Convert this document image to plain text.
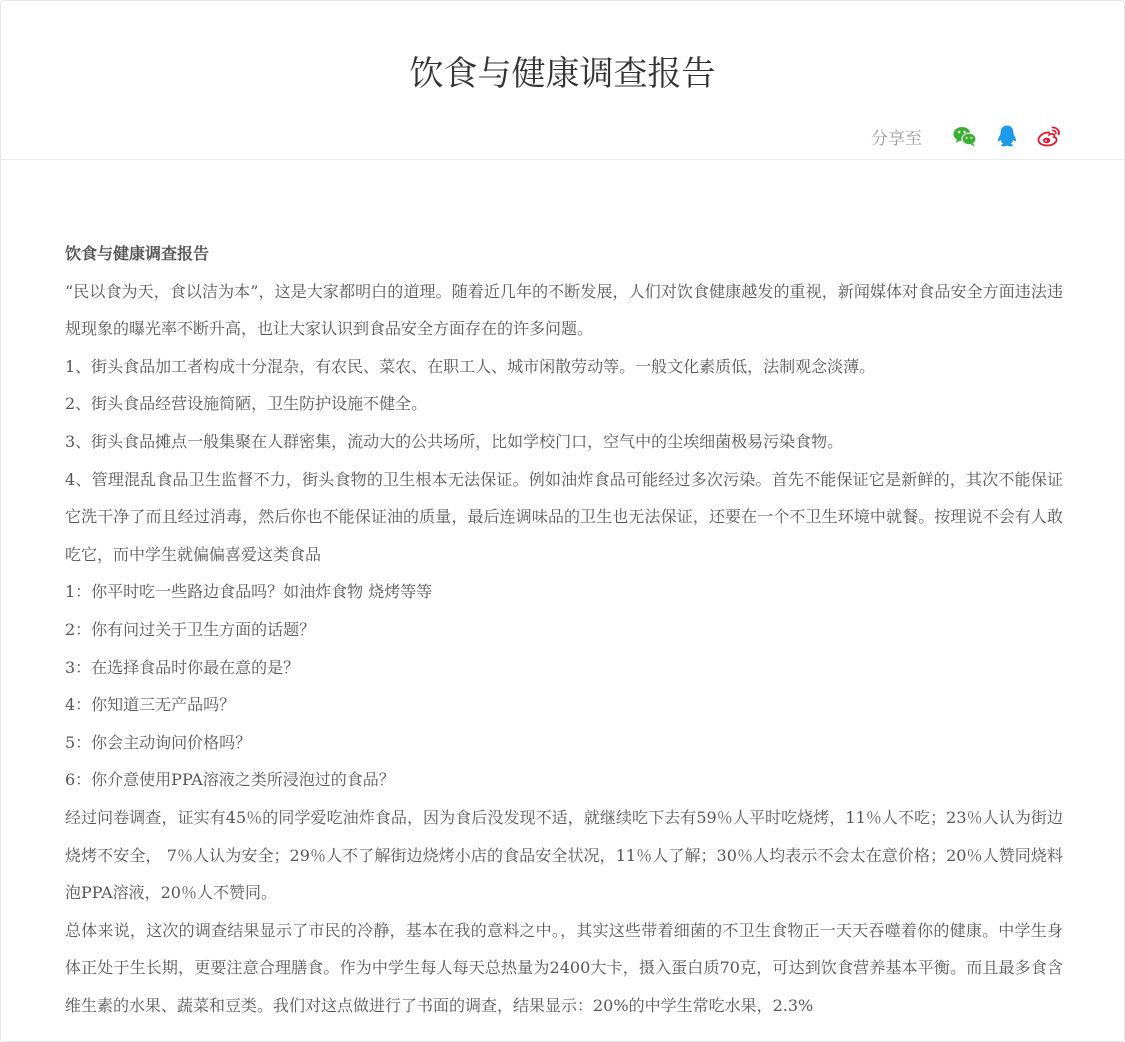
饮食与健康调查报告
分享至

饮食与健康调查报告

“民以食为天，食以洁为本”，这是大家都明白的道理。随着近几年的不断发展，人们对饮食健康越发的重视，新闻媒体对食品安全方面违法违规现象的曝光率不断升高，也让大家认识到食品安全方面存在的许多问题。

1、街头食品加工者构成十分混杂，有农民、菜农、在职工人、城市闲散劳动等。一般文化素质低，法制观念淡薄。

2、街头食品经营设施简陋，卫生防护设施不健全。

3、街头食品摊点一般集聚在人群密集，流动大的公共场所，比如学校门口，空气中的尘埃细菌极易污染食物。

4、管理混乱食品卫生监督不力，街头食物的卫生根本无法保证。例如油炸食品可能经过多次污染。首先不能保证它是新鲜的，其次不能保证它洗干净了而且经过消毒，然后你也不能保证油的质量，最后连调味品的卫生也无法保证，还要在一个不卫生环境中就餐。按理说不会有人敢吃它，而中学生就偏偏喜爱这类食品

1：你平时吃一些路边食品吗？如油炸食物 烧烤等等

2：你有问过关于卫生方面的话题？

3：在选择食品时你最在意的是？

4：你知道三无产品吗？

5：你会主动询问价格吗？

6：你介意使用PPA溶液之类所浸泡过的食品？

经过问卷调查，证实有45％的同学爱吃油炸食品，因为食后没发现不适，就继续吃下去有59％人平时吃烧烤，11％人不吃；23％人认为街边烧烤不安全， 7％人认为安全；29％人不了解街边烧烤小店的食品安全状况，11％人了解；30％人均表示不会太在意价格；20％人赞同烧料泡PPA溶液，20％人不赞同。

总体来说，这次的调查结果显示了市民的冷静，基本在我的意料之中。，其实这些带着细菌的不卫生食物正一天天吞噬着你的健康。中学生身体正处于生长期，更要注意合理膳食。作为中学生每人每天总热量为2400大卡，摄入蛋白质70克，可达到饮食营养基本平衡。而且最多食含维生素的水果、蔬菜和豆类。我们对这点做进行了书面的调查，结果显示：20%的中学生常吃水果，2.3%
